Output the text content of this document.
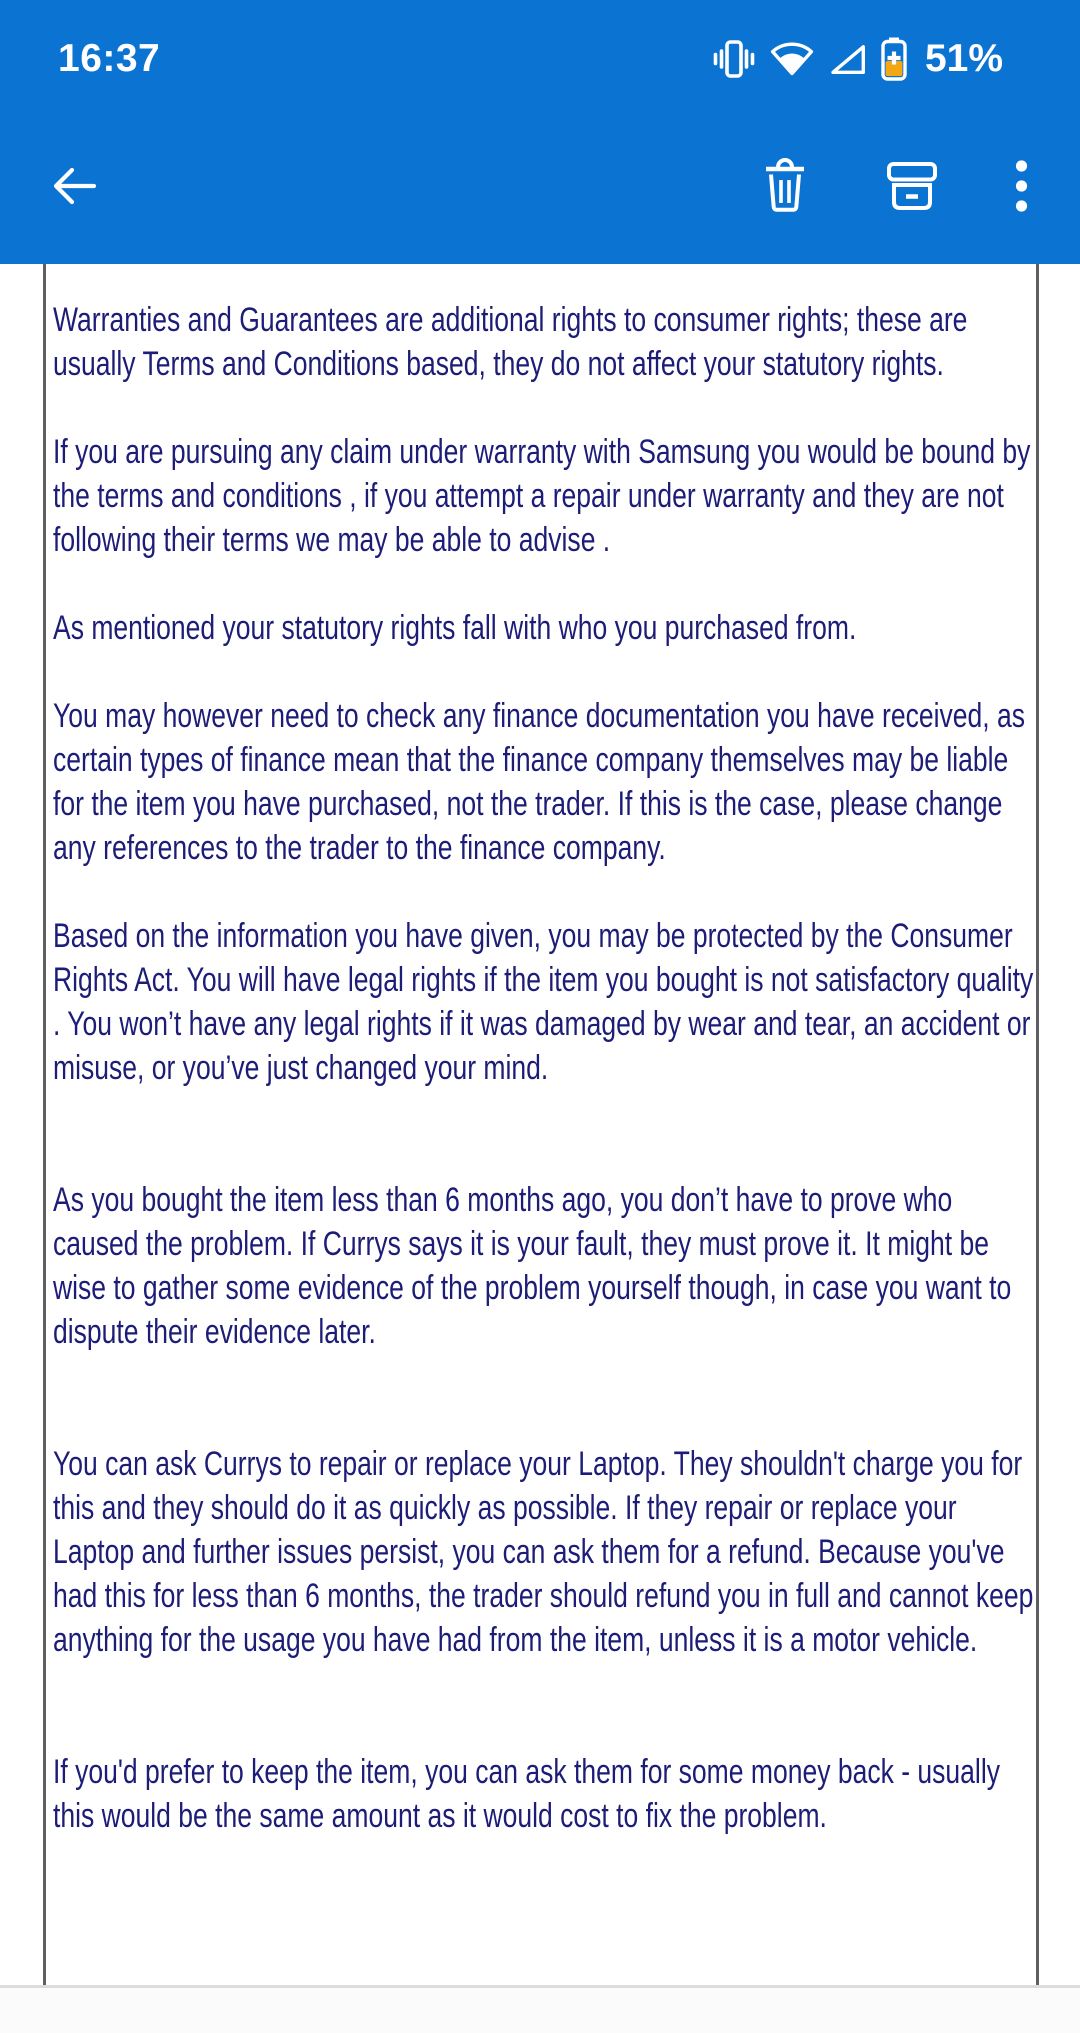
16:37	51%

Warranties and Guarantees are additional rights to consumer rights; these are usually Terms and Conditions based, they do not affect your statutory rights.

If you are pursuing any claim under warranty with Samsung you would be bound by the terms and conditions , if you attempt a repair under warranty and they are not following their terms we may be able to advise .

As mentioned your statutory rights fall with who you purchased from.

You may however need to check any finance documentation you have received, as certain types of finance mean that the finance company themselves may be liable for the item you have purchased, not the trader. If this is the case, please change any references to the trader to the finance company.

Based on the information you have given, you may be protected by the Consumer Rights Act. You will have legal rights if the item you bought is not satisfactory quality . You won’t have any legal rights if it was damaged by wear and tear, an accident or misuse, or you’ve just changed your mind.

As you bought the item less than 6 months ago, you don’t have to prove who caused the problem. If Currys says it is your fault, they must prove it. It might be wise to gather some evidence of the problem yourself though, in case you want to dispute their evidence later.

You can ask Currys to repair or replace your Laptop. They shouldn't charge you for this and they should do it as quickly as possible. If they repair or replace your Laptop and further issues persist, you can ask them for a refund. Because you've had this for less than 6 months, the trader should refund you in full and cannot keep anything for the usage you have had from the item, unless it is a motor vehicle.

If you'd prefer to keep the item, you can ask them for some money back - usually this would be the same amount as it would cost to fix the problem.
